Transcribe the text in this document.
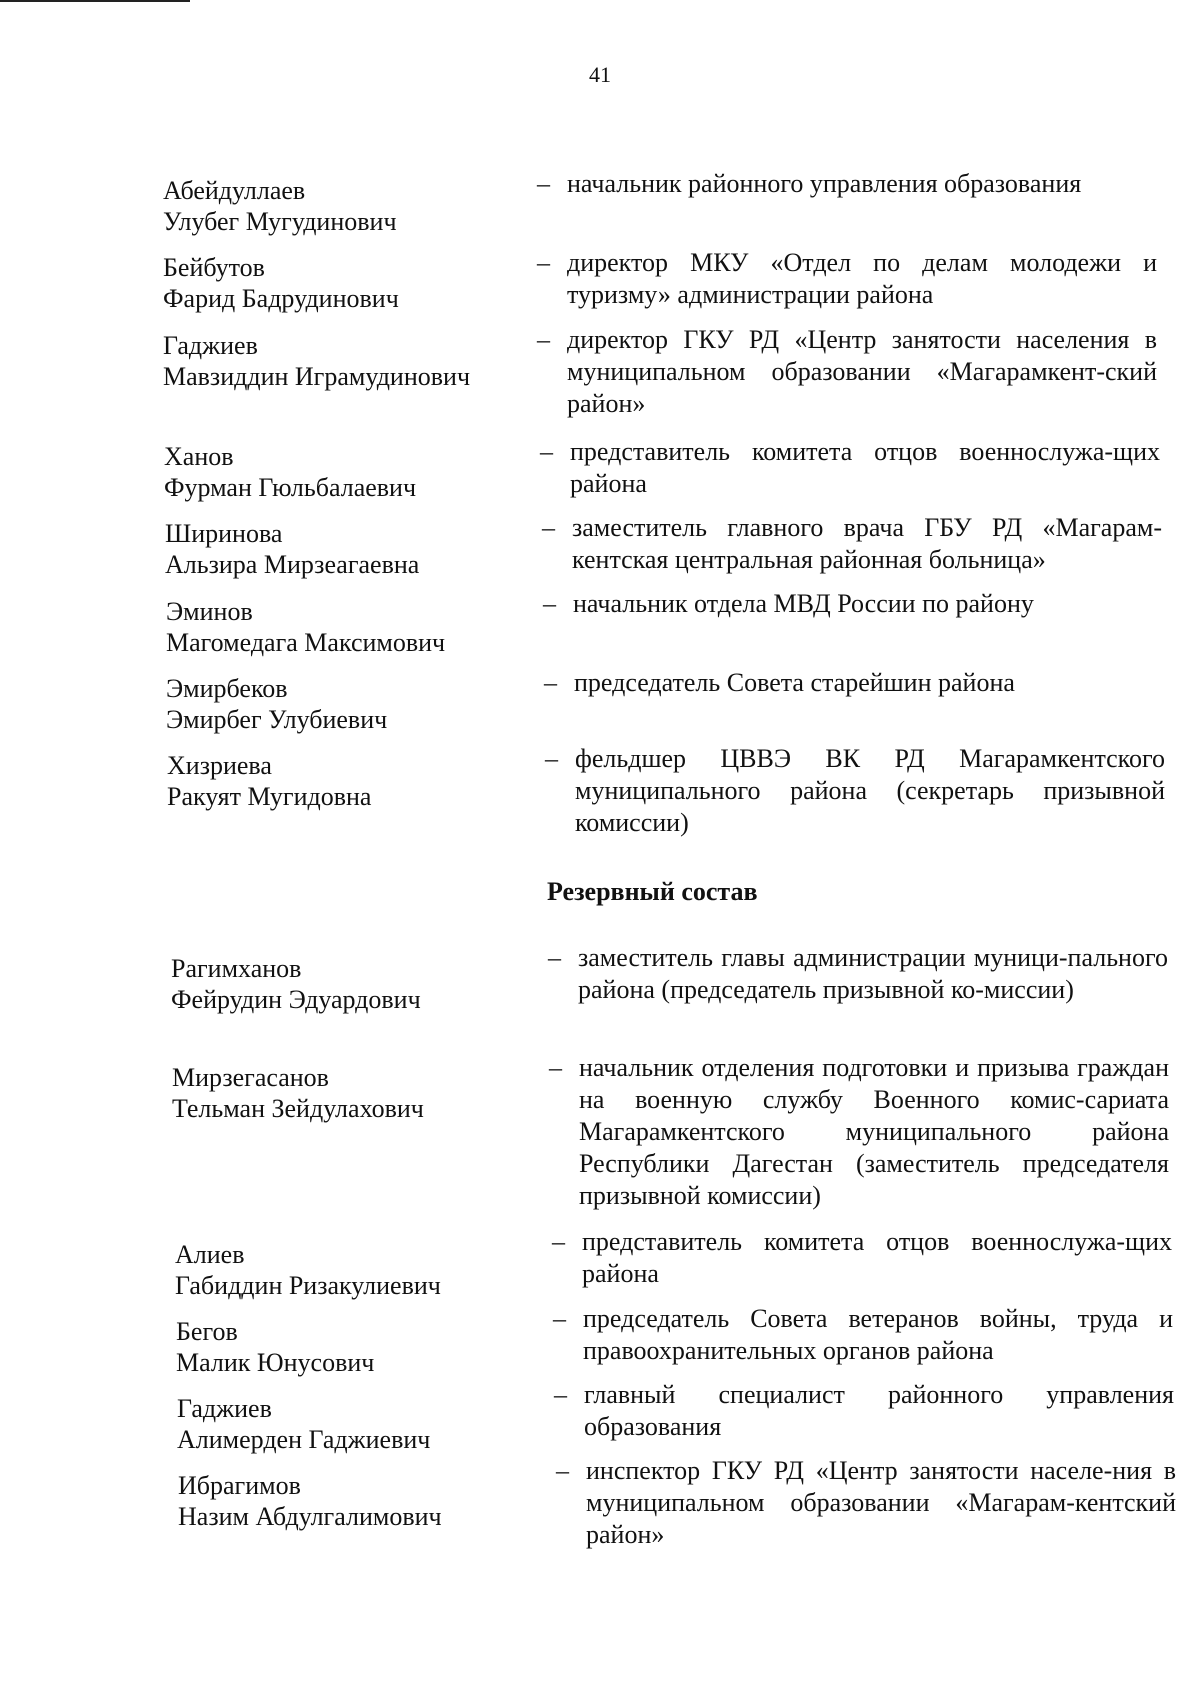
41
Абейдуллаев
Улубег Мугудинович
–
начальник районного управления образования
Бейбутов
Фарид Бадрудинович
–
директор МКУ «Отдел по делам молодежи и туризму» администрации района
Гаджиев
Мавзиддин Играмудинович
–
директор ГКУ РД «Центр занятости населения в муниципальном образовании «Магарамкент-ский район»
Ханов
Фурман Гюльбалаевич
–
представитель комитета отцов военнослужа-щих района
Ширинова
Альзира Мирзеагаевна
–
заместитель главного врача ГБУ РД «Магарам-кентская центральная районная больница»
Эминов
Магомедага Максимович
–
начальник отдела МВД России по району
Эмирбеков
Эмирбег Улубиевич
–
председатель Совета старейшин района
Хизриева
Ракуят Мугидовна
–
фельдшер ЦВВЭ ВК РД Магарамкентского муниципального района (секретарь призывной комиссии)
Резервный состав
Рагимханов
Фейрудин Эдуардович
–
заместитель главы администрации муници-пального района (председатель призывной ко-миссии)
Мирзегасанов
Тельман Зейдулахович
–
начальник отделения подготовки и призыва граждан на военную службу Военного комис-сариата Магарамкентского муниципального района Республики Дагестан (заместитель председателя призывной комиссии)
Алиев
Габиддин Ризакулиевич
–
представитель комитета отцов военнослужа-щих района
Бегов
Малик Юнусович
–
председатель Совета ветеранов войны, труда и правоохранительных органов района
Гаджиев
Алимерден Гаджиевич
–
главный специалист районного управления образования
Ибрагимов
Назим Абдулгалимович
–
инспектор ГКУ РД «Центр занятости населе-ния в муниципальном образовании «Магарам-кентский район»
